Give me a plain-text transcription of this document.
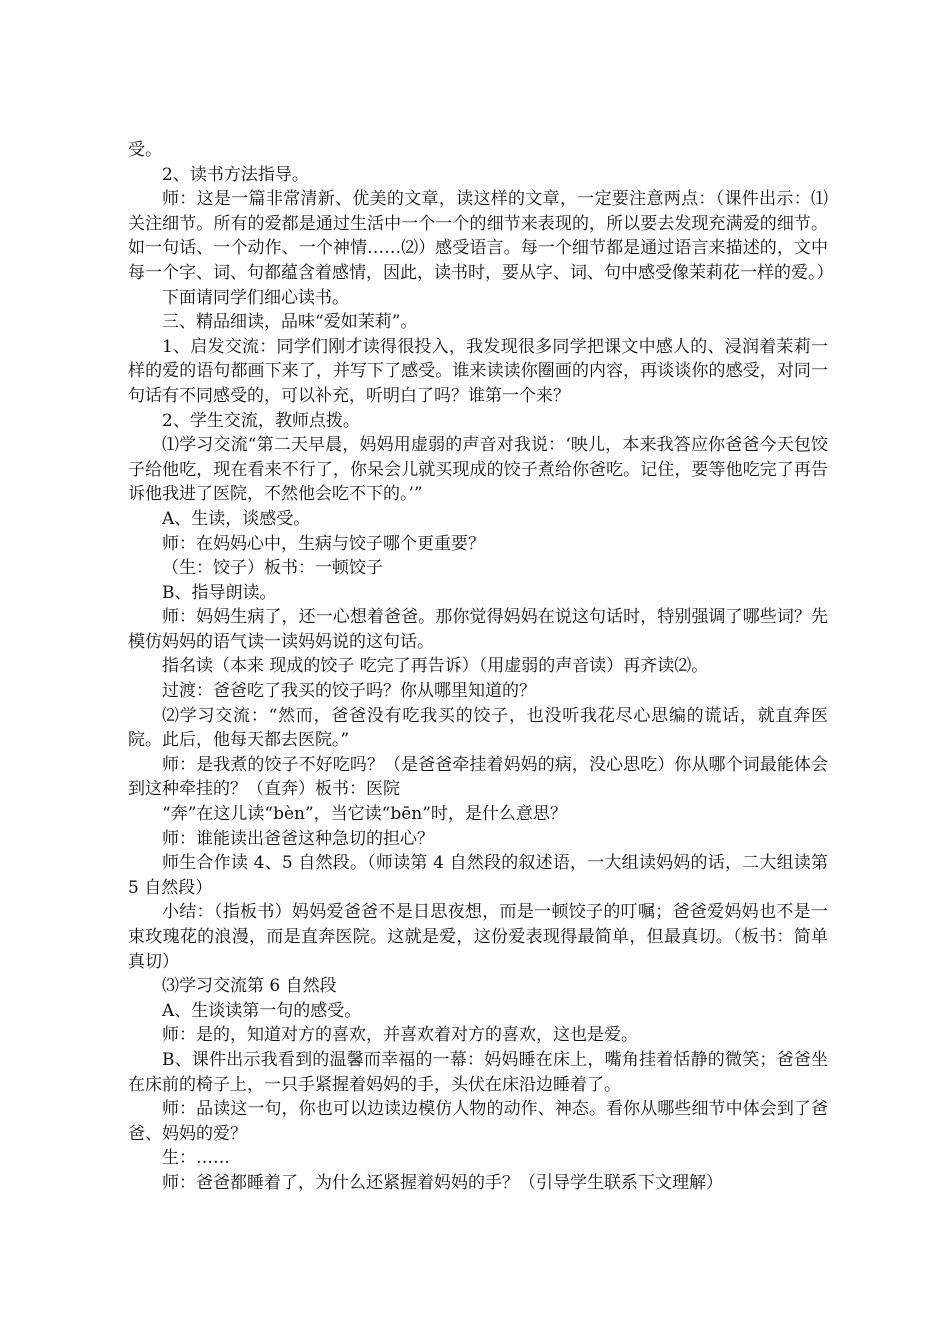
受。

2、读书方法指导。

师：这是一篇非常清新、优美的文章，读这样的文章，一定要注意两点：（课件出示：⑴关注细节。所有的爱都是通过生活中一个一个的细节来表现的，所以要去发现充满爱的细节。如一句话、一个动作、一个神情……⑵）感受语言。每一个细节都是通过语言来描述的，文中每一个字、词、句都蕴含着感情，因此，读书时，要从字、词、句中感受像茉莉花一样的爱。）

下面请同学们细心读书。

三、精品细读，品味“爱如茉莉”。

1、启发交流：同学们刚才读得很投入，我发现很多同学把课文中感人的、浸润着茉莉一样的爱的语句都画下来了，并写下了感受。谁来读读你圈画的内容，再谈谈你的感受，对同一句话有不同感受的，可以补充，听明白了吗？谁第一个来？

2、学生交流，教师点拨。

⑴学习交流“第二天早晨，妈妈用虚弱的声音对我说：‘映儿，本来我答应你爸爸今天包饺子给他吃，现在看来不行了，你呆会儿就买现成的饺子煮给你爸吃。记住，要等他吃完了再告诉他我进了医院，不然他会吃不下的。’”

A、生读，谈感受。

师：在妈妈心中，生病与饺子哪个更重要？

（生：饺子）板书：一顿饺子

B、指导朗读。

师：妈妈生病了，还一心想着爸爸。那你觉得妈妈在说这句话时，特别强调了哪些词？先模仿妈妈的语气读一读妈妈说的这句话。

指名读（本来 现成的饺子 吃完了再告诉）（用虚弱的声音读）再齐读⑵。

过渡：爸爸吃了我买的饺子吗？你从哪里知道的？

⑵学习交流：“然而，爸爸没有吃我买的饺子，也没听我花尽心思编的谎话，就直奔医院。此后，他每天都去医院。”

师：是我煮的饺子不好吃吗？（是爸爸牵挂着妈妈的病，没心思吃）你从哪个词最能体会到这种牵挂的？（直奔）板书：医院

“奔”在这儿读“bèn”，当它读“bēn”时，是什么意思？

师：谁能读出爸爸这种急切的担心？

师生合作读 4、5 自然段。（师读第 4 自然段的叙述语，一大组读妈妈的话，二大组读第 5 自然段）

小结：（指板书）妈妈爱爸爸不是日思夜想，而是一顿饺子的叮嘱；爸爸爱妈妈也不是一束玫瑰花的浪漫，而是直奔医院。这就是爱，这份爱表现得最简单，但最真切。（板书：简单 真切）

⑶学习交流第 6 自然段

A、生谈读第一句的感受。

师：是的，知道对方的喜欢，并喜欢着对方的喜欢，这也是爱。

B、课件出示我看到的温馨而幸福的一幕：妈妈睡在床上，嘴角挂着恬静的微笑；爸爸坐在床前的椅子上，一只手紧握着妈妈的手，头伏在床沿边睡着了。

师：品读这一句，你也可以边读边模仿人物的动作、神态。看你从哪些细节中体会到了爸爸、妈妈的爱？

生：……

师：爸爸都睡着了，为什么还紧握着妈妈的手？（引导学生联系下文理解）
